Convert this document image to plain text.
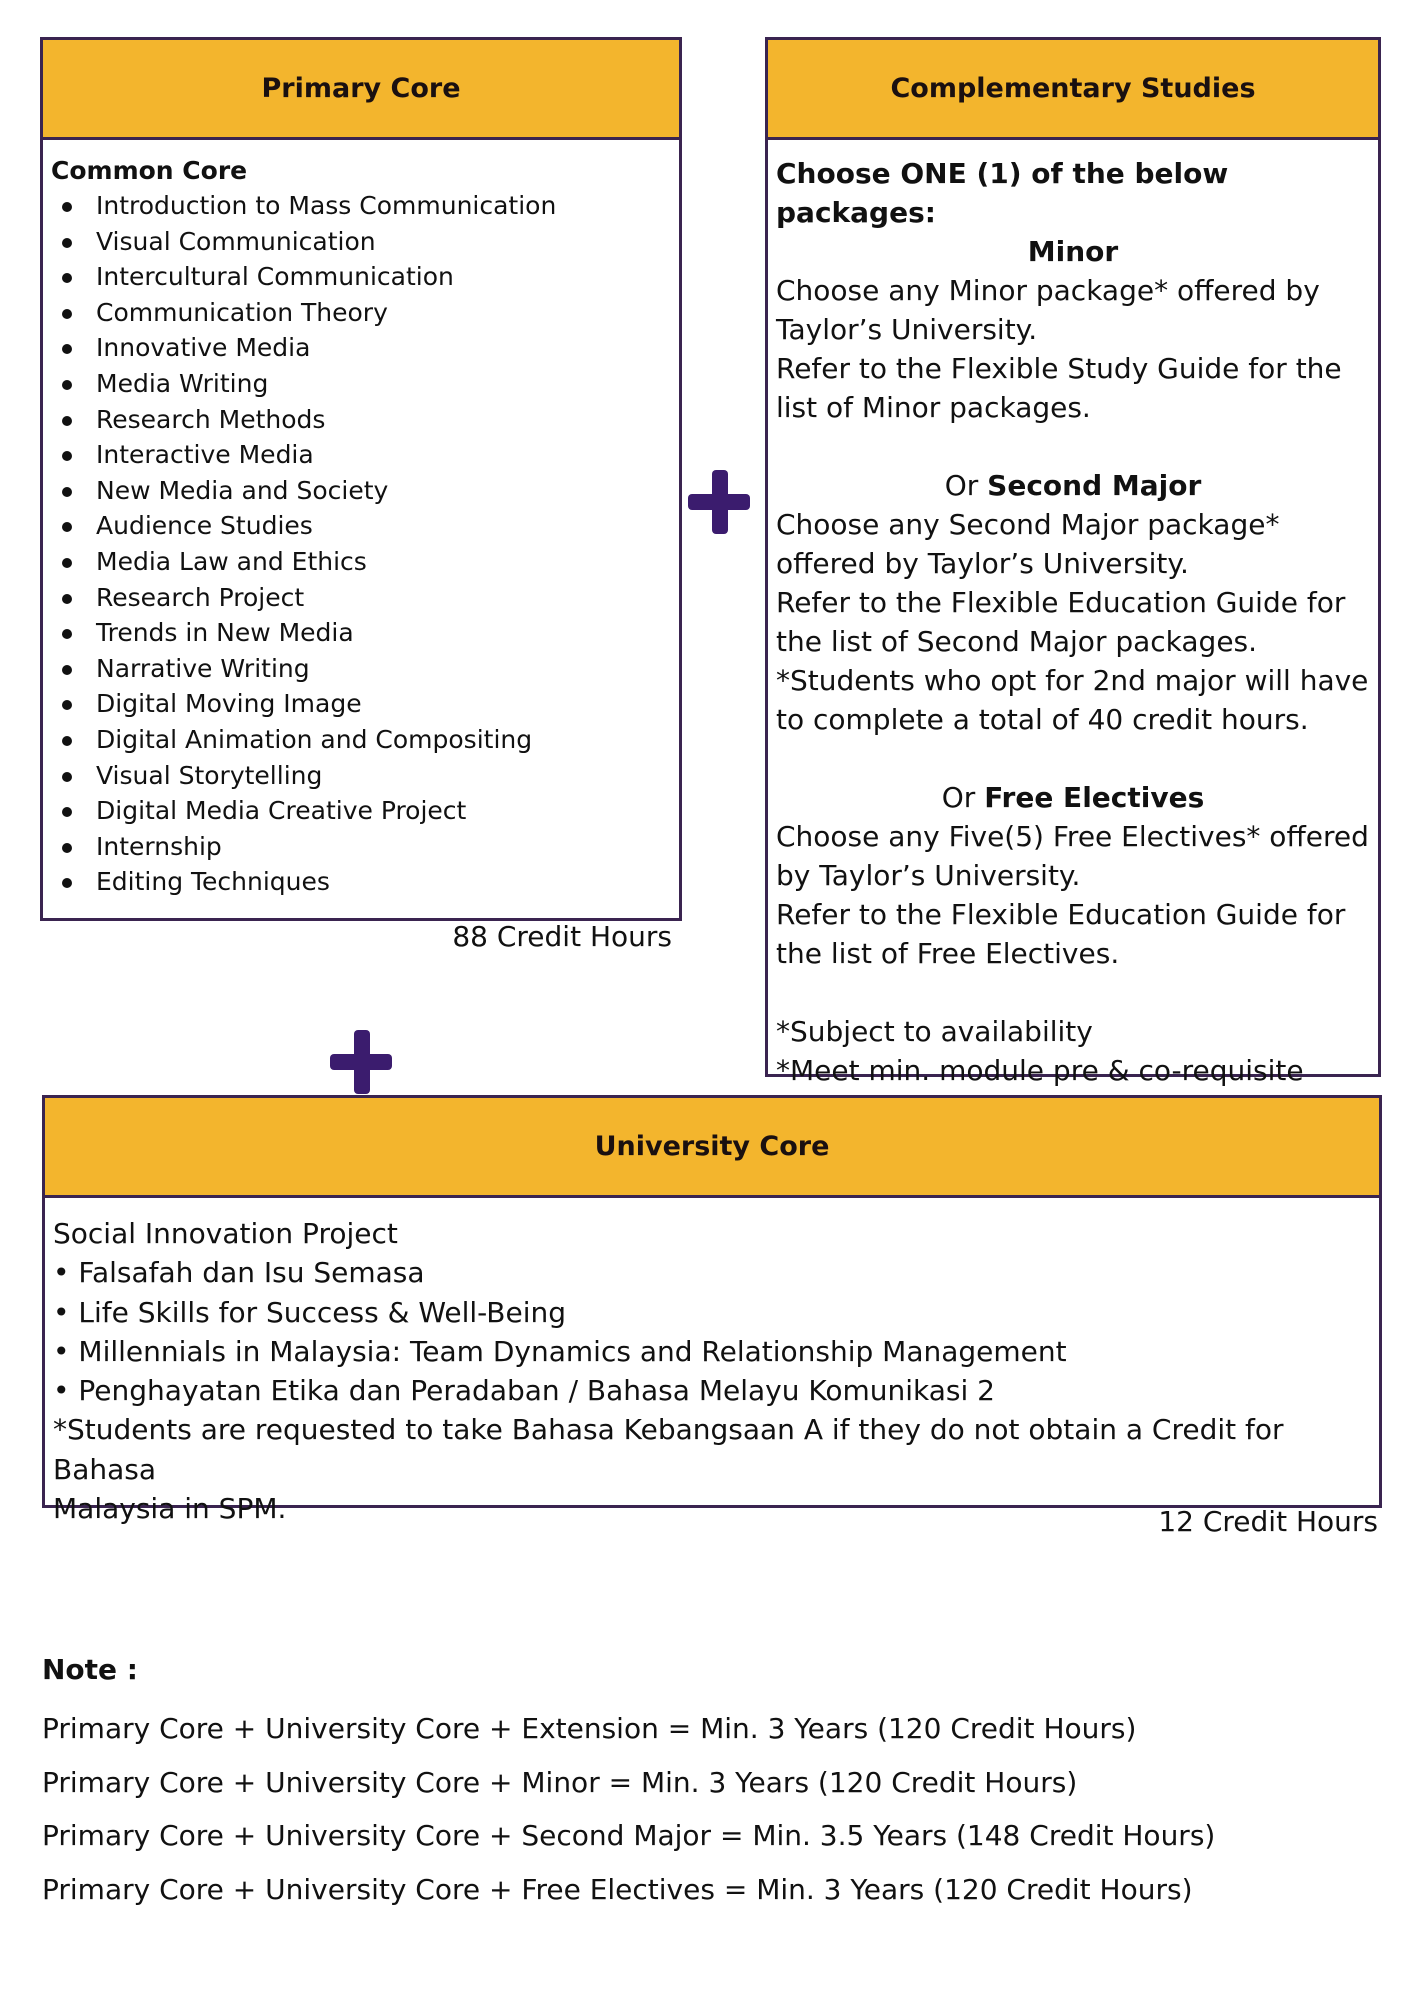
Primary Core

Common Core

Introduction to Mass Communication
Visual Communication
Intercultural Communication
Communication Theory
Innovative Media
Media Writing
Research Methods
Interactive Media
New Media and Society
Audience Studies
Media Law and Ethics
Research Project
Trends in New Media
Narrative Writing
Digital Moving Image
Digital Animation and Compositing
Visual Storytelling
Digital Media Creative Project
Internship
Editing Techniques
88 Credit Hours
Complementary Studies
Choose ONE (1) of the below packages:
Minor
Choose any Minor package* offered by
Taylor’s University.
Refer to the Flexible Study Guide for the
list of Minor packages.
Or Second Major
Choose any Second Major package*
offered by Taylor’s University.
Refer to the Flexible Education Guide for
the list of Second Major packages.
*Students who opt for 2nd major will have
to complete a total of 40 credit hours.
Or Free Electives
Choose any Five(5) Free Electives* offered
by Taylor’s University.
Refer to the Flexible Education Guide for
the list of Free Electives.
*Subject to availability
*Meet min. module pre & co-requisite
University Core
Social Innovation Project
• Falsafah dan Isu Semasa
• Life Skills for Success & Well-Being
• Millennials in Malaysia: Team Dynamics and Relationship Management
• Penghayatan Etika dan Peradaban / Bahasa Melayu Komunikasi 2
*Students are requested to take Bahasa Kebangsaan A if they do not obtain a Credit for Bahasa
Malaysia in SPM.	12 Credit Hours
Note :
Primary Core + University Core + Extension = Min. 3 Years (120 Credit Hours)
Primary Core + University Core + Minor = Min. 3 Years (120 Credit Hours)
Primary Core + University Core + Second Major = Min. 3.5 Years (148 Credit Hours)
Primary Core + University Core + Free Electives = Min. 3 Years (120 Credit Hours)
